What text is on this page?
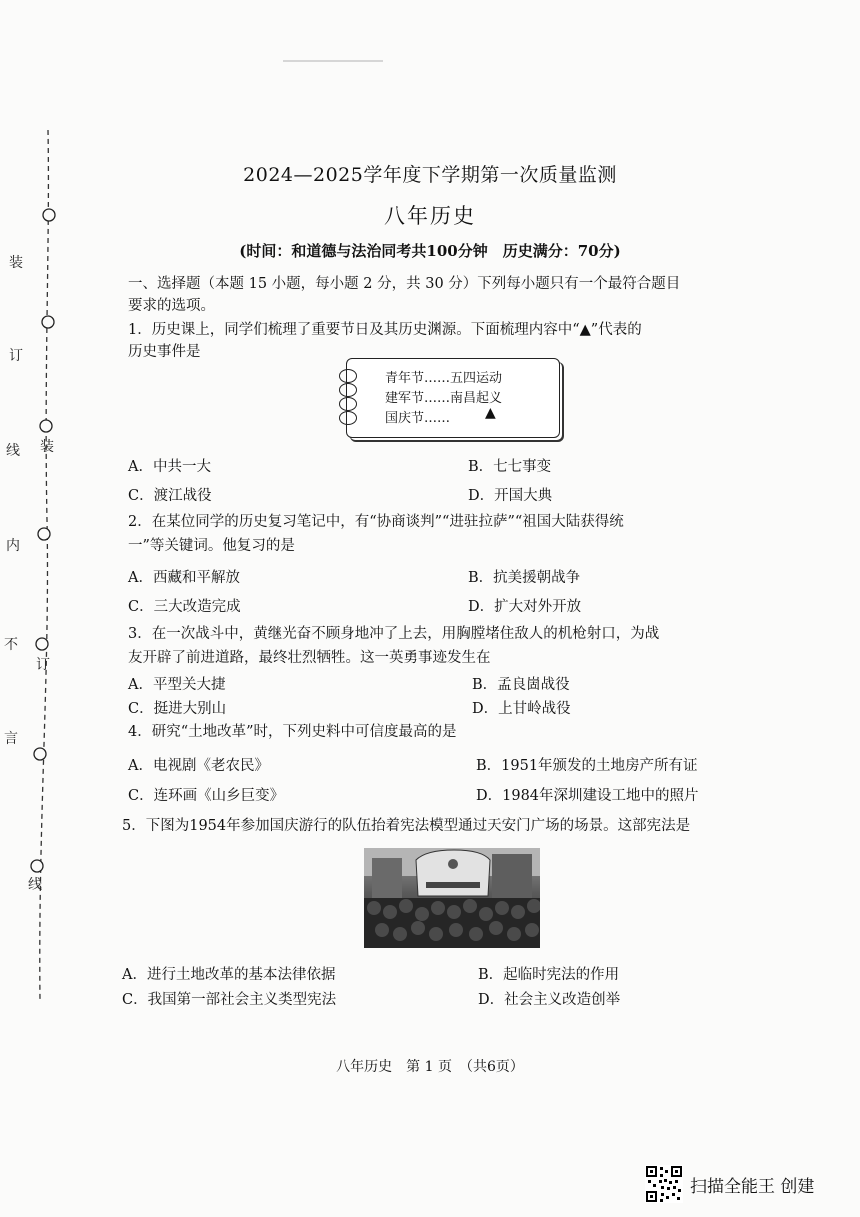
装
订
线
内
不
言
装
订
线
2024—2025学年度下学期第一次质量监测
八年历史
(时间：和道德与法治同考共100分钟　历史满分：70分)
一、选择题（本题 15 小题，每小题 2 分，共 30 分）下列每小题只有一个最符合题目
要求的选项。
1．历史课上，同学们梳理了重要节日及其历史渊源。下面梳理内容中“▲”代表的
历史事件是
青年节……五四运动
建军节……南昌起义
国庆节…… ▲
A．中共一大	B．七七事变
C．渡江战役	D．开国大典
2．在某位同学的历史复习笔记中，有“协商谈判”“进驻拉萨”“祖国大陆获得统
一”等关键词。他复习的是
A．西藏和平解放	B．抗美援朝战争
C．三大改造完成	D．扩大对外开放
3．在一次战斗中，黄继光奋不顾身地冲了上去，用胸膛堵住敌人的机枪射口，为战
友开辟了前进道路，最终壮烈牺牲。这一英勇事迹发生在
A．平型关大捷	B．孟良崮战役
C．挺进大别山	D．上甘岭战役
4．研究“土地改革”时，下列史料中可信度最高的是
A．电视剧《老农民》	B．1951年颁发的土地房产所有证
C．连环画《山乡巨变》	D．1984年深圳建设工地中的照片
5．下图为1954年参加国庆游行的队伍抬着宪法模型通过天安门广场的场景。这部宪法是
A．进行土地改革的基本法律依据	B．起临时宪法的作用
C．我国第一部社会主义类型宪法	D．社会主义改造创举
八年历史　第 1 页　（共6页）
扫描全能王 创建
